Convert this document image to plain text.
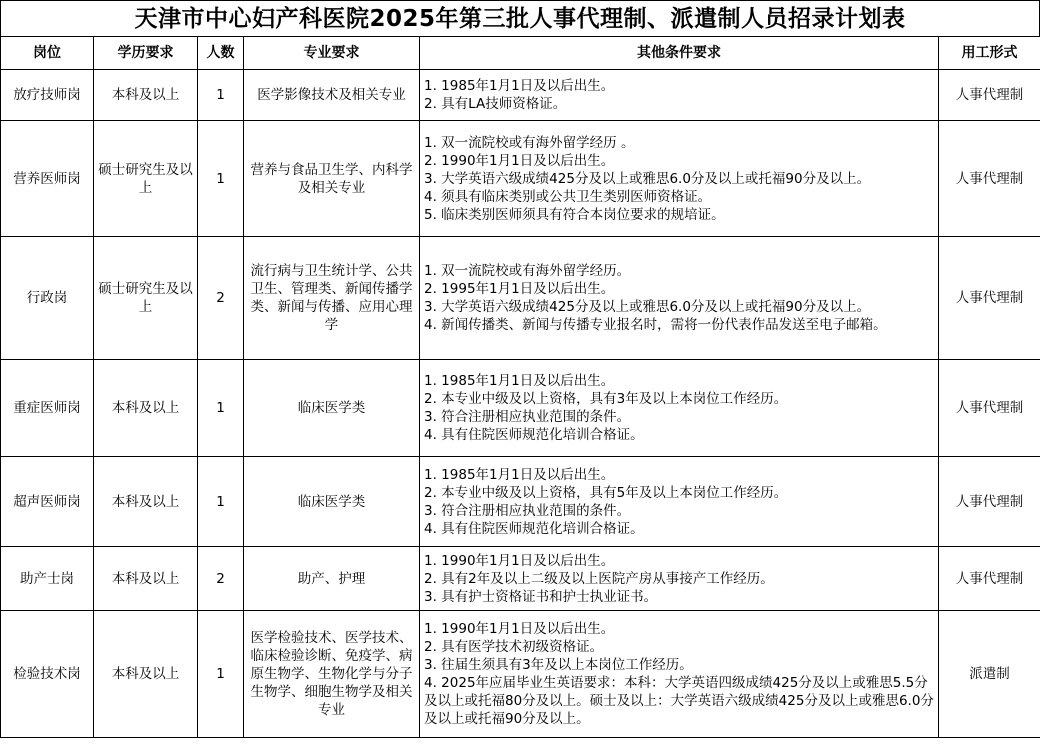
天津市中心妇产科医院2025年第三批人事代理制、派遣制人员招录计划表
岗位	学历要求	人数	专业要求	其他条件要求	用工形式
放疗技师岗	本科及以上	1	医学影像技术及相关专业	1. 1985年1月1日及以后出生。
2. 具有LA技师资格证。	人事代理制
营养医师岗	硕士研究生及以上	1	营养与食品卫生学、内科学及相关专业	1. 双一流院校或有海外留学经历 。
2. 1990年1月1日及以后出生。
3. 大学英语六级成绩425分及以上或雅思6.0分及以上或托福90分及以上。
4. 须具有临床类别或公共卫生类别医师资格证。
5. 临床类别医师须具有符合本岗位要求的规培证。	人事代理制
行政岗	硕士研究生及以上	2	流行病与卫生统计学、公共卫生、管理类、新闻传播学类、新闻与传播、应用心理学	1. 双一流院校或有海外留学经历。
2. 1995年1月1日及以后出生。
3. 大学英语六级成绩425分及以上或雅思6.0分及以上或托福90分及以上。
4. 新闻传播类、新闻与传播专业报名时，需将一份代表作品发送至电子邮箱。	人事代理制
重症医师岗	本科及以上	1	临床医学类	1. 1985年1月1日及以后出生。
2. 本专业中级及以上资格，具有3年及以上本岗位工作经历。
3. 符合注册相应执业范围的条件。
4. 具有住院医师规范化培训合格证。	人事代理制
超声医师岗	本科及以上	1	临床医学类	1. 1985年1月1日及以后出生。
2. 本专业中级及以上资格，具有5年及以上本岗位工作经历。
3. 符合注册相应执业范围的条件。
4. 具有住院医师规范化培训合格证。	人事代理制
助产士岗	本科及以上	2	助产、护理	1. 1990年1月1日及以后出生。
2. 具有2年及以上二级及以上医院产房从事接产工作经历。
3. 具有护士资格证书和护士执业证书。	人事代理制
检验技术岗	本科及以上	1	医学检验技术、医学技术、临床检验诊断、免疫学、病原生物学、生物化学与分子生物学、细胞生物学及相关专业	1. 1990年1月1日及以后出生。
2. 具有医学技术初级资格证。
3. 往届生须具有3年及以上本岗位工作经历。
4. 2025年应届毕业生英语要求：本科：大学英语四级成绩425分及以上或雅思5.5分及以上或托福80分及以上。硕士及以上：大学英语六级成绩425分及以上或雅思6.0分及以上或托福90分及以上。	派遣制
